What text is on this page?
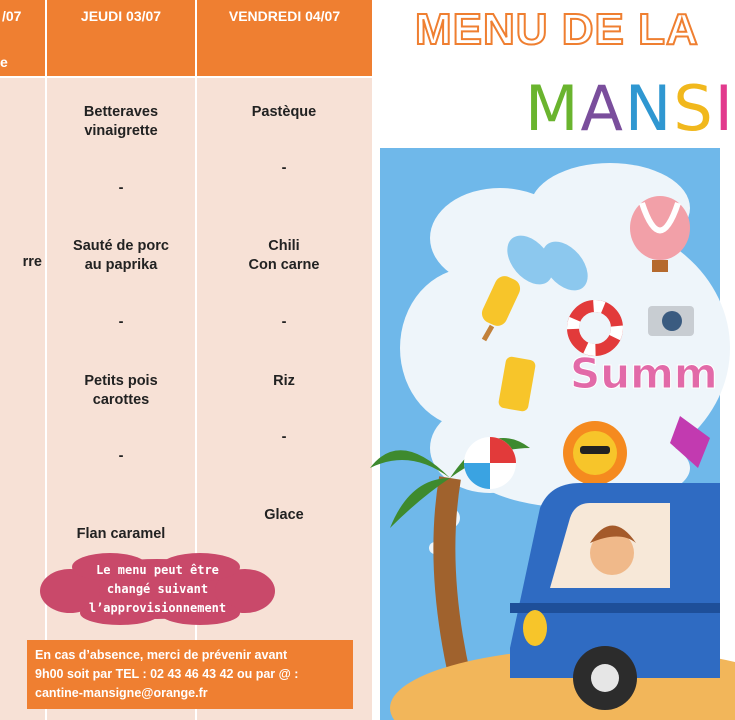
/07
e
JEUDI 03/07	VENDREDI 04/07
rre
Betteraves
vinaigrette
-
Sauté de porc
au paprika
-
Petits pois
carottes
-
Flan caramel
Pastèque
-
Chili
Con carne
-
Riz
-
Glace
Le menu peut être
changé suivant
l’approvisionnement
En cas d’absence, merci de prévenir avant
9h00 soit par TEL : 02 43 46 43 42 ou par @ :
cantine-mansigne@orange.fr
MENU DE LA
MANSI
Summ
